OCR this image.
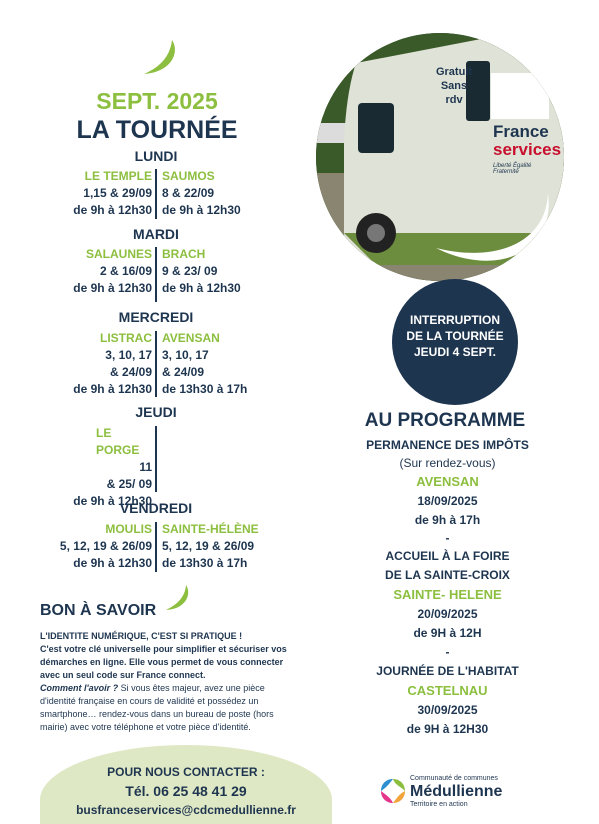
SEPT. 2025
LA TOURNÉE
LUNDI
LE TEMPLE
1,15 & 29/09
de 9h à 12h30
SAUMOS
8 & 22/09
de 9h à 12h30
MARDI
SALAUNES
2 & 16/09
de 9h à 12h30
BRACH
9 & 23/ 09
de 9h à 12h30
MERCREDI
LISTRAC
3, 10, 17
& 24/09
de 9h à 12h30
AVENSAN
3, 10, 17
& 24/09
de 13h30 à 17h
JEUDI
LE PORGE
11
& 25/ 09
de 9h à 12h30
VENDREDI
MOULIS
5, 12, 19 & 26/09
de 9h à 12h30
SAINTE-HÉLÈNE
5, 12, 19 & 26/09
de 13h30 à 17h
Gratuit
Sans rdv
France
services
Liberté Égalité Fraternité
INTERRUPTION
DE LA TOURNÉE
JEUDI 4 SEPT.
AU PROGRAMME
PERMANENCE DES IMPÔTS
(Sur rendez-vous)
AVENSAN
18/09/2025
de 9h à 17h
-
ACCUEIL À LA FOIRE
DE LA SAINTE-CROIX
SAINTE- HELENE
20/09/2025
de 9H à 12H
-
JOURNÉE DE L'HABITAT
CASTELNAU
30/09/2025
de 9H à 12H30
BON À SAVOIR
L'IDENTITE NUMÉRIQUE, C'EST SI PRATIQUE !
C'est votre clé universelle pour simplifier et sécuriser vos démarches en ligne. Elle vous permet de vous connecter avec un seul code sur France connect.
Comment l'avoir ? Si vous êtes majeur, avez une pièce d'identité française en cours de validité et possédez un smartphone… rendez-vous dans un bureau de poste (hors mairie) avec votre téléphone et votre pièce d'identité.
POUR NOUS CONTACTER :
Tél. 06 25 48 41 29
busfranceservices@cdcmedullienne.fr
Communauté de communes
Médullienne
Territoire en action
